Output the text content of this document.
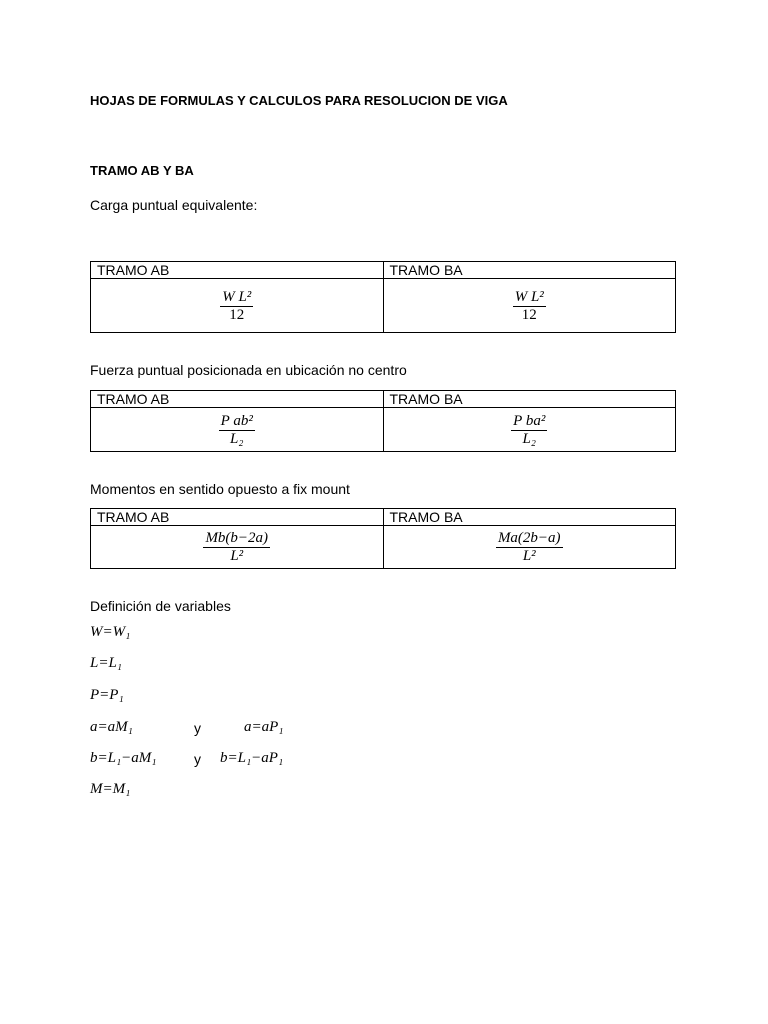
HOJAS DE FORMULAS Y CALCULOS PARA RESOLUCION DE VIGA
TRAMO AB Y BA
Carga puntual equivalente:
TRAMO AB	TRAMO BA

$\frac{\text{W L²}}{12}$	$\frac{\text{W L²}}{12}$
Fuerza puntual posicionada en ubicación no centro
TRAMO AB	TRAMO BA

$\frac{\text{P ab²}}{\text{L₂}}$	$\frac{\text{P ba²}}{\text{L₂}}$
Momentos en sentido opuesto a fix mount
TRAMO AB	TRAMO BA

$\frac{Mb(b-2a)}{\text{L²}}$	$\frac{Ma(2b-a)}{\text{L²}}$
Definición de variables
W=W₁
L=L₁
P=P₁
a=aM₁	y	a=aP₁
b=L₁−aM₁	y b=L₁−aP₁
M=M₁
